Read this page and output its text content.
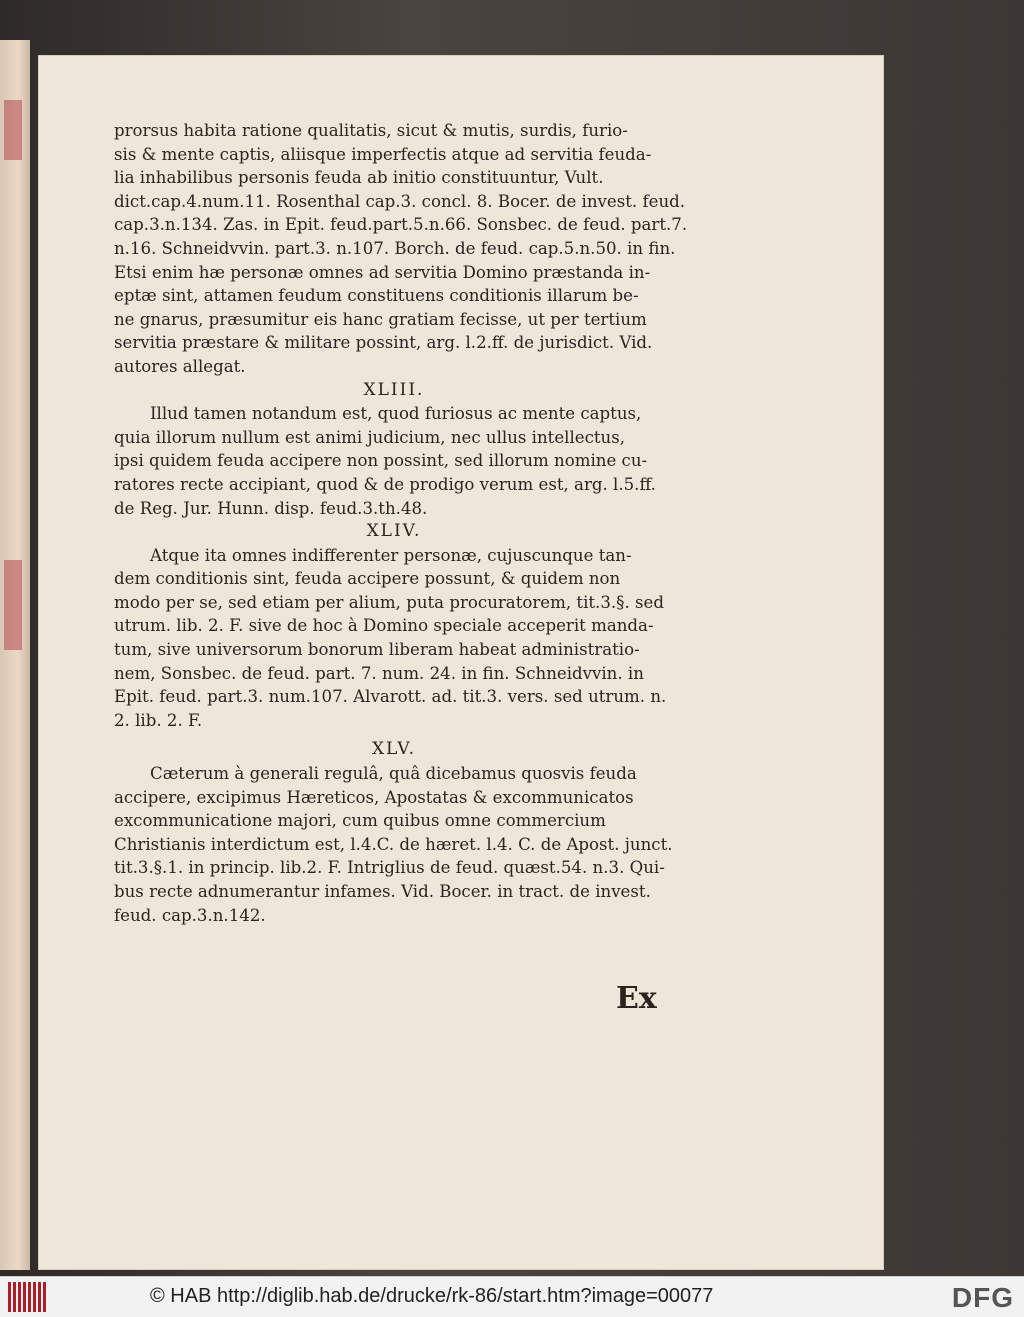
prorsus habita ratione qualitatis, sicut & mutis, surdis, furio-
sis & mente captis, aliisque imperfectis atque ad servitia feuda-
lia inhabilibus personis feuda ab initio constituuntur, Vult.
dict.cap.4.num.11. Rosenthal cap.3. concl. 8. Bocer. de invest. feud.
cap.3.n.134. Zas. in Epit. feud.part.5.n.66. Sonsbec. de feud. part.7.
n.16. Schneidvvin. part.3. n.107. Borch. de feud. cap.5.n.50. in fin.
Etsi enim hæ personæ omnes ad servitia Domino præstanda in-
eptæ sint, attamen feudum constituens conditionis illarum be-
ne gnarus, præsumitur eis hanc gratiam fecisse, ut per tertium
servitia præstare & militare possint, arg. l.2.ff. de jurisdict. Vid.
autores allegat.
XLIII.
Illud tamen notandum est, quod furiosus ac mente captus,
quia illorum nullum est animi judicium, nec ullus intellectus,
ipsi quidem feuda accipere non possint, sed illorum nomine cu-
ratores recte accipiant, quod & de prodigo verum est, arg. l.5.ff.
de Reg. Jur. Hunn. disp. feud.3.th.48.
XLIV.
Atque ita omnes indifferenter personæ, cujuscunque tan-
dem conditionis sint, feuda accipere possunt, & quidem non
modo per se, sed etiam per alium, puta procuratorem, tit.3.§. sed
utrum. lib. 2. F. sive de hoc à Domino speciale acceperit manda-
tum, sive universorum bonorum liberam habeat administratio-
nem, Sonsbec. de feud. part. 7. num. 24. in fin. Schneidvvin. in
Epit. feud. part.3. num.107. Alvarott. ad. tit.3. vers. sed utrum. n.
2. lib. 2. F.
XLV.
Cæterum à generali regulâ, quâ dicebamus quosvis feuda
accipere, excipimus Hæreticos, Apostatas & excommunicatos
excommunicatione majori, cum quibus omne commercium
Christianis interdictum est, l.4.C. de hæret. l.4. C. de Apost. junct.
tit.3.§.1. in princip. lib.2. F. Intriglius de feud. quæst.54. n.3. Qui-
bus recte adnumerantur infames. Vid. Bocer. in tract. de invest.
feud. cap.3.n.142.
Ex
© HAB http://diglib.hab.de/drucke/rk-86/start.htm?image=00077	DFG
